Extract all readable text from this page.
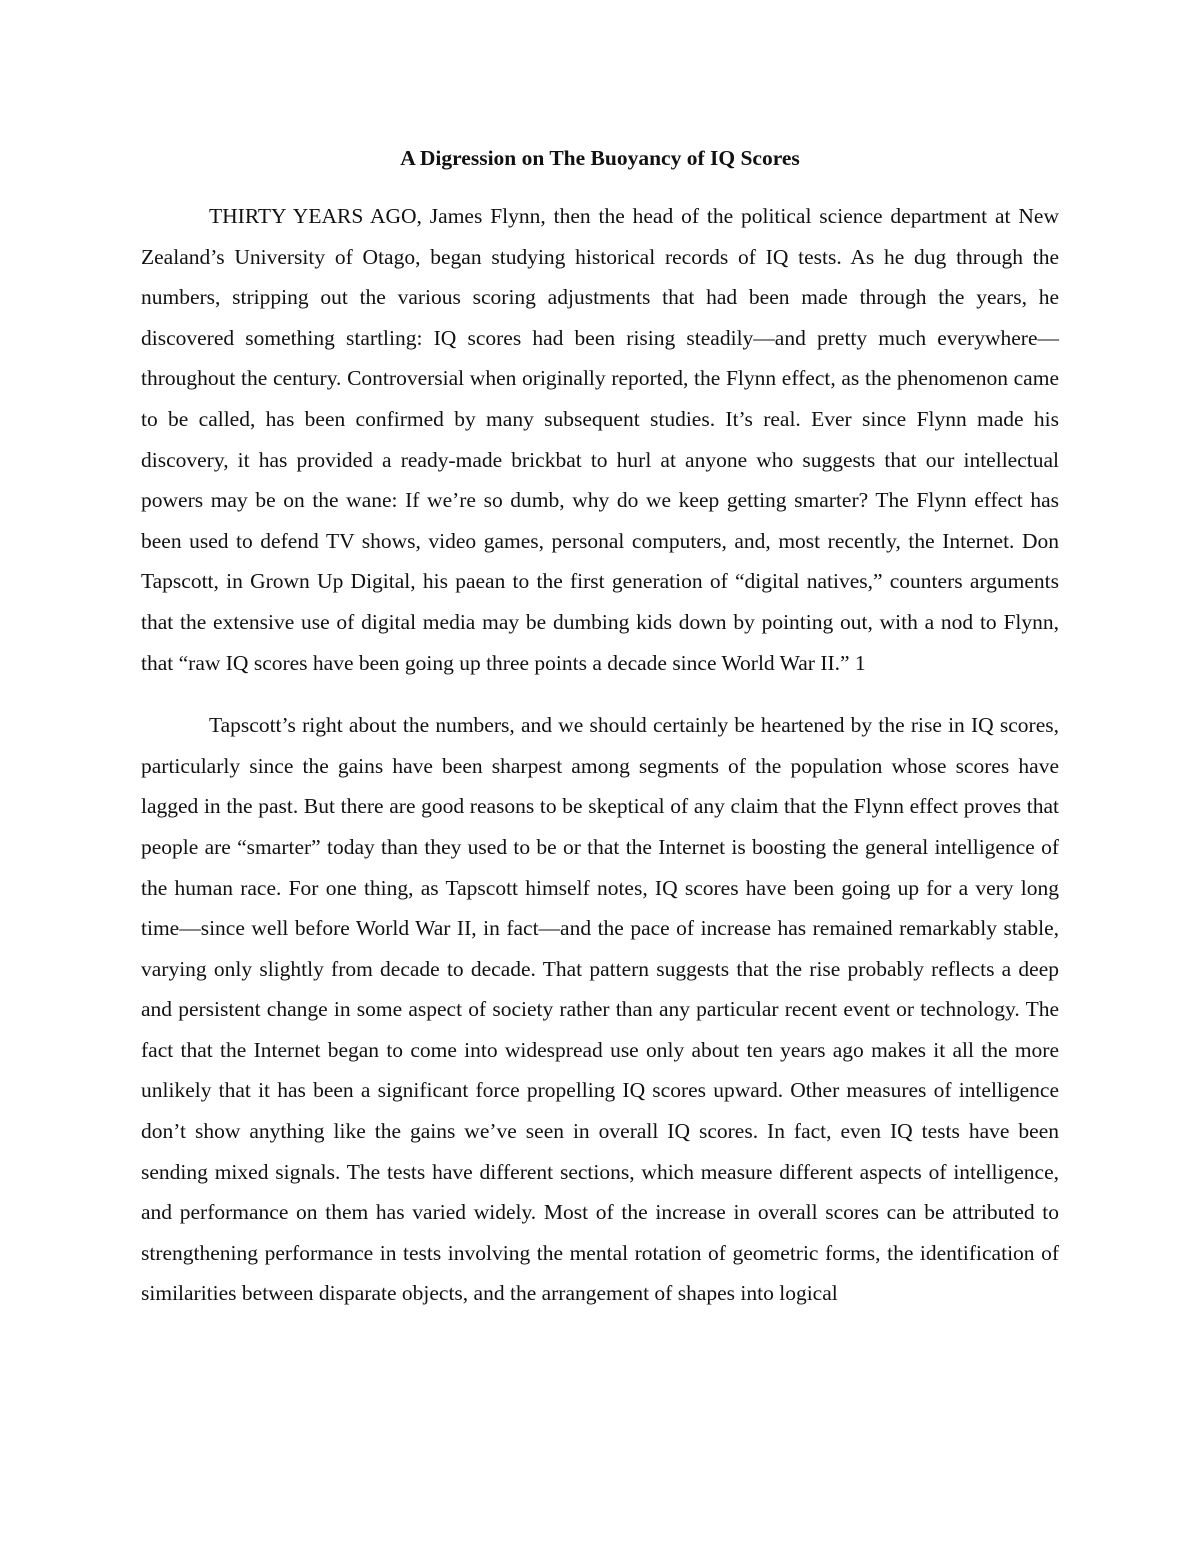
A Digression on The Buoyancy of IQ Scores

THIRTY YEARS AGO, James Flynn, then the head of the political science department at New Zealand’s University of Otago, began studying historical records of IQ tests. As he dug through the numbers, stripping out the various scoring adjustments that had been made through the years, he discovered something startling: IQ scores had been rising steadily—and pretty much everywhere—throughout the century. Controversial when originally reported, the Flynn effect, as the phenomenon came to be called, has been confirmed by many subsequent studies. It’s real. Ever since Flynn made his discovery, it has provided a ready-made brickbat to hurl at anyone who suggests that our intellectual powers may be on the wane: If we’re so dumb, why do we keep getting smarter? The Flynn effect has been used to defend TV shows, video games, personal computers, and, most recently, the Internet. Don Tapscott, in Grown Up Digital, his paean to the first generation of “digital natives,” counters arguments that the extensive use of digital media may be dumbing kids down by pointing out, with a nod to Flynn, that “raw IQ scores have been going up three points a decade since World War II.” 1

Tapscott’s right about the numbers, and we should certainly be heartened by the rise in IQ scores, particularly since the gains have been sharpest among segments of the population whose scores have lagged in the past. But there are good reasons to be skeptical of any claim that the Flynn effect proves that people are “smarter” today than they used to be or that the Internet is boosting the general intelligence of the human race. For one thing, as Tapscott himself notes, IQ scores have been going up for a very long time—since well before World War II, in fact—and the pace of increase has remained remarkably stable, varying only slightly from decade to decade. That pattern suggests that the rise probably reflects a deep and persistent change in some aspect of society rather than any particular recent event or technology. The fact that the Internet began to come into widespread use only about ten years ago makes it all the more unlikely that it has been a significant force propelling IQ scores upward. Other measures of intelligence don’t show anything like the gains we’ve seen in overall IQ scores. In fact, even IQ tests have been sending mixed signals. The tests have different sections, which measure different aspects of intelligence, and performance on them has varied widely. Most of the increase in overall scores can be attributed to strengthening performance in tests involving the mental rotation of geometric forms, the identification of similarities between disparate objects, and the arrangement of shapes into logical
